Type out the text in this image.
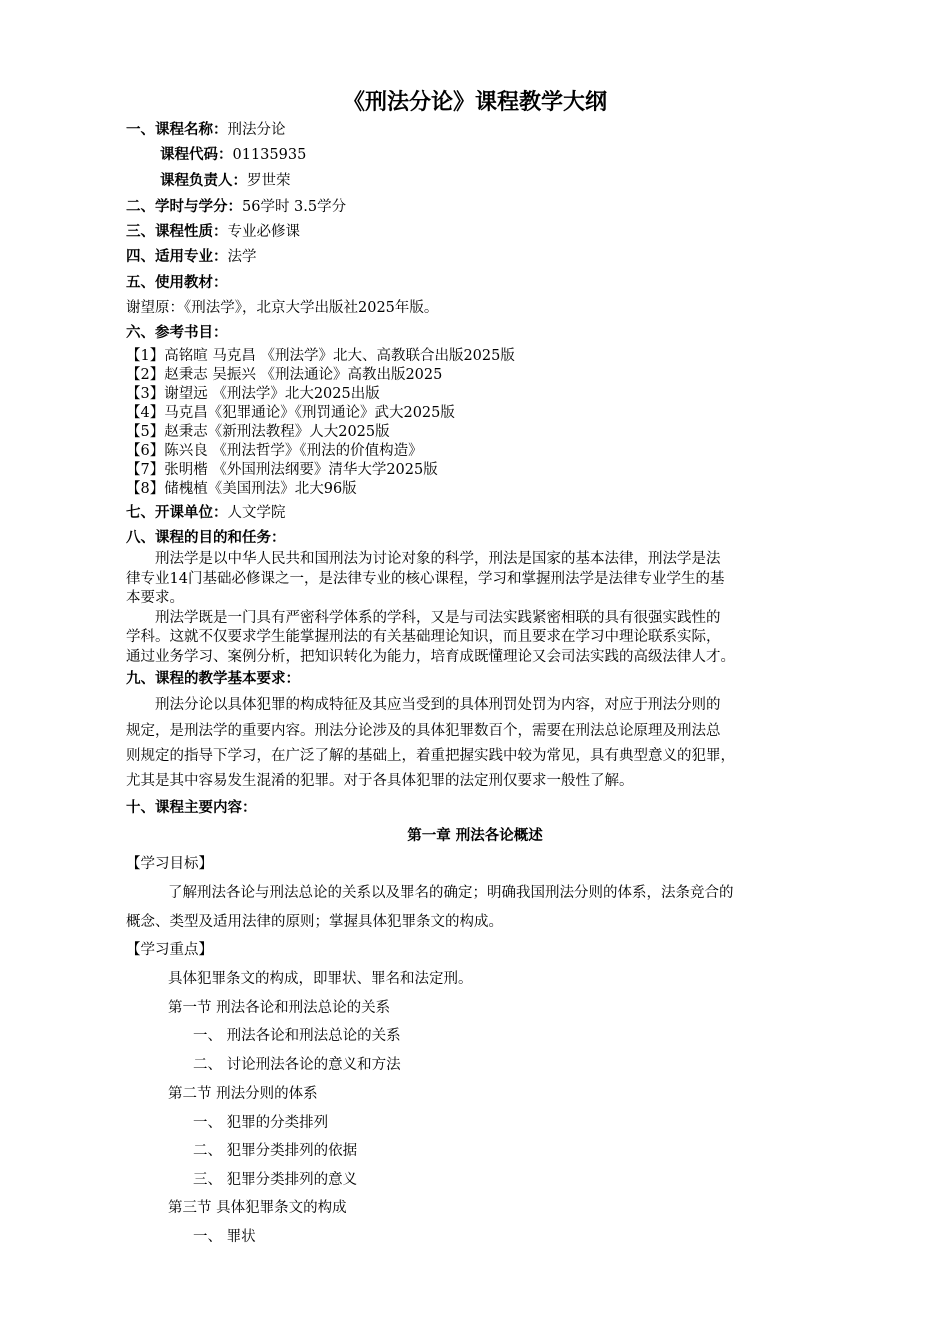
《刑法分论》课程教学大纲
一、课程名称：刑法分论
课程代码：01135935
课程负责人：罗世荣
二、学时与学分：56学时 3.5学分
三、课程性质：专业必修课
四、适用专业：法学
五、使用教材：
谢望原：《刑法学》，北京大学出版社2025年版。
六、参考书目：
【1】高铭暄 马克昌 《刑法学》北大、高教联合出版2025版
【2】赵秉志 吴振兴 《刑法通论》高教出版2025
【3】谢望远 《刑法学》北大2025出版
【4】马克昌《犯罪通论》《刑罚通论》武大2025版
【5】赵秉志《新刑法教程》人大2025版
【6】陈兴良 《刑法哲学》《刑法的价值构造》
【7】张明楷 《外国刑法纲要》清华大学2025版
【8】储槐植《美国刑法》北大96版
七、开课单位：人文学院
八、课程的目的和任务：
刑法学是以中华人民共和国刑法为讨论对象的科学，刑法是国家的基本法律，刑法学是法
律专业14门基础必修课之一，是法律专业的核心课程，学习和掌握刑法学是法律专业学生的基
本要求。
刑法学既是一门具有严密科学体系的学科，又是与司法实践紧密相联的具有很强实践性的
学科。这就不仅要求学生能掌握刑法的有关基础理论知识，而且要求在学习中理论联系实际，
通过业务学习、案例分析，把知识转化为能力，培育成既懂理论又会司法实践的高级法律人才。
九、课程的教学基本要求：
刑法分论以具体犯罪的构成特征及其应当受到的具体刑罚处罚为内容，对应于刑法分则的
规定，是刑法学的重要内容。刑法分论涉及的具体犯罪数百个，需要在刑法总论原理及刑法总
则规定的指导下学习，在广泛了解的基础上，着重把握实践中较为常见，具有典型意义的犯罪，
尤其是其中容易发生混淆的犯罪。对于各具体犯罪的法定刑仅要求一般性了解。
十、课程主要内容：
第一章 刑法各论概述
【学习目标】
了解刑法各论与刑法总论的关系以及罪名的确定；明确我国刑法分则的体系，法条竞合的
概念、类型及适用法律的原则；掌握具体犯罪条文的构成。
【学习重点】
具体犯罪条文的构成，即罪状、罪名和法定刑。
第一节 刑法各论和刑法总论的关系
一、 刑法各论和刑法总论的关系
二、 讨论刑法各论的意义和方法
第二节 刑法分则的体系
一、 犯罪的分类排列
二、 犯罪分类排列的依据
三、 犯罪分类排列的意义
第三节 具体犯罪条文的构成
一、 罪状
